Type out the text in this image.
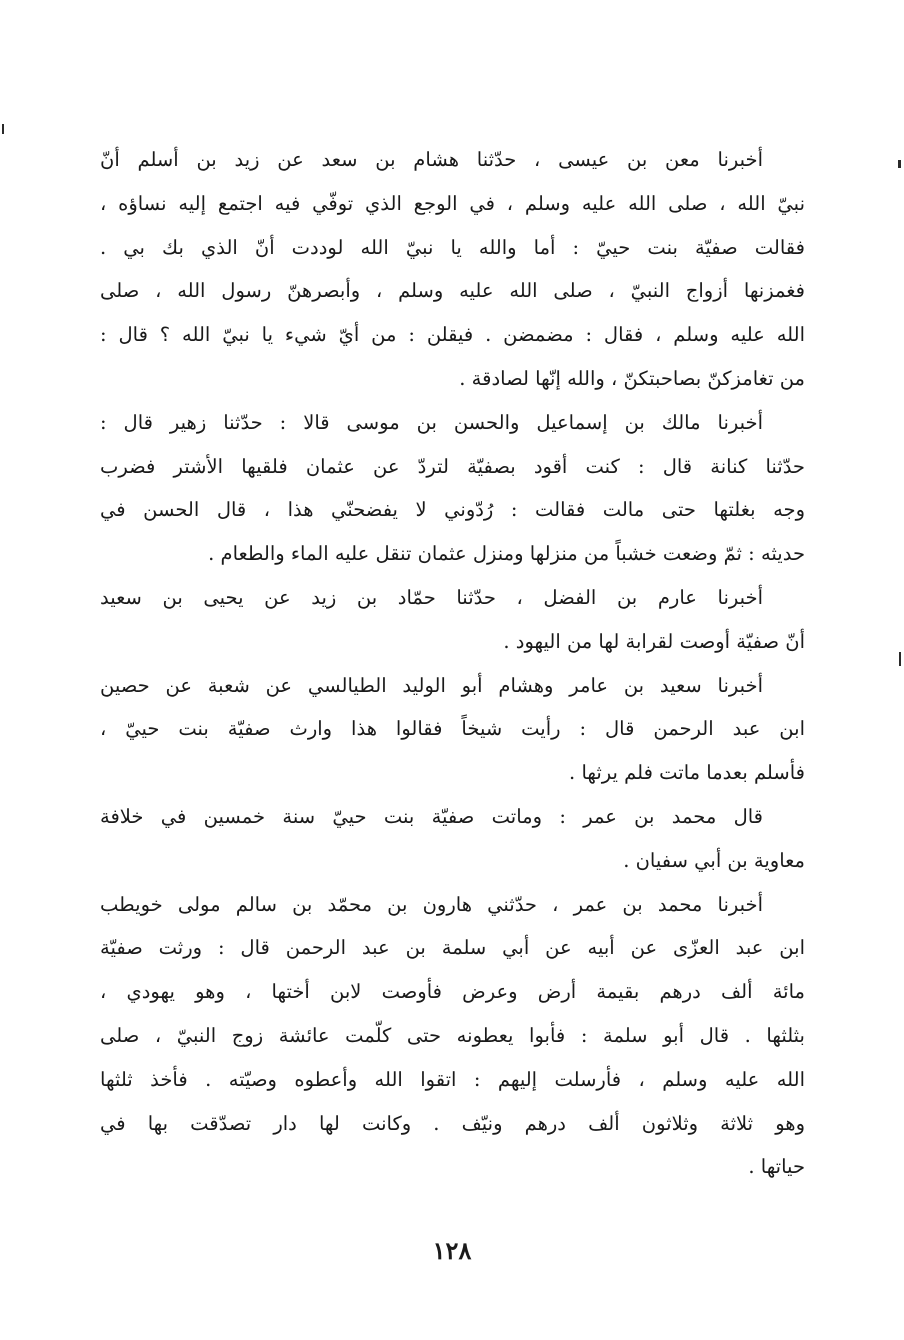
أخبرنا معن بن عيسى ، حدّثنا هشام بن سعد عن زيد بن أسلم أنّ
نبيّ الله ، صلى الله عليه وسلم ، في الوجع الذي توفّي فيه اجتمع إليه نساؤه ،
فقالت صفيّة بنت حييّ : أما والله يا نبيّ الله لوددت أنّ الذي بك بي .
فغمزنها أزواج النبيّ ، صلى الله عليه وسلم ، وأبصرهنّ رسول الله ، صلى
الله عليه وسلم ، فقال : مضمضن . فيقلن : من أيّ شيء يا نبيّ الله ؟ قال :
من تغامزكنّ بصاحبتكنّ ، والله إنّها لصادقة .
أخبرنا مالك بن إسماعيل والحسن بن موسى قالا : حدّثنا زهير قال :
حدّثنا كنانة قال : كنت أقود بصفيّة لتردّ عن عثمان فلقيها الأشتر فضرب
وجه بغلتها حتى مالت فقالت : رُدّوني لا يفضحنّي هذا ، قال الحسن في
حديثه : ثمّ وضعت خشباً من منزلها ومنزل عثمان تنقل عليه الماء والطعام .
أخبرنا عارم بن الفضل ، حدّثنا حمّاد بن زيد عن يحيى بن سعيد
أنّ صفيّة أوصت لقرابة لها من اليهود .
أخبرنا سعيد بن عامر وهشام أبو الوليد الطيالسي عن شعبة عن حصين
ابن عبد الرحمن قال : رأيت شيخاً فقالوا هذا وارث صفيّة بنت حييّ ،
فأسلم بعدما ماتت فلم يرثها .
قال محمد بن عمر : وماتت صفيّة بنت حييّ سنة خمسين في خلافة
معاوية بن أبي سفيان .
أخبرنا محمد بن عمر ، حدّثني هارون بن محمّد بن سالم مولى خويطب
ابن عبد العزّى عن أبيه عن أبي سلمة بن عبد الرحمن قال : ورثت صفيّة
مائة ألف درهم بقيمة أرض وعرض فأوصت لابن أختها ، وهو يهودي ،
بثلثها . قال أبو سلمة : فأبوا يعطونه حتى كلّمت عائشة زوج النبيّ ، صلى
الله عليه وسلم ، فأرسلت إليهم : اتقوا الله وأعطوه وصيّته . فأخذ ثلثها
وهو ثلاثة وثلاثون ألف درهم ونيّف . وكانت لها دار تصدّقت بها في
حياتها .
١٢٨
